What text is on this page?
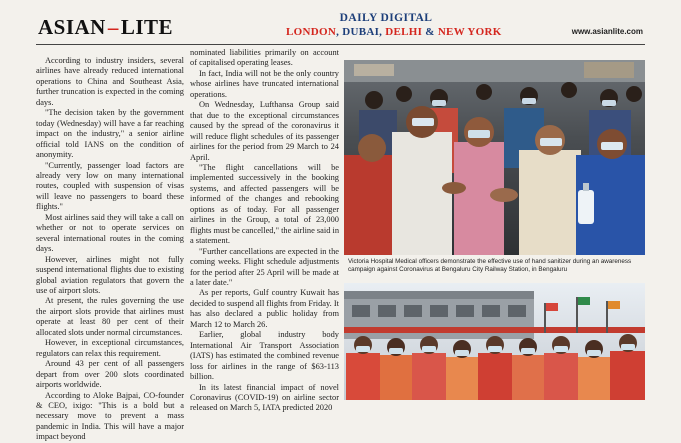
ASIAN–LITE	DAILY DIGITAL
LONDON, DUBAI, DELHI & NEW YORK	www.asianlite.com

According to industry insiders, several airlines have already reduced international operations to China and Southeast Asia, further truncation is expected in the coming days.

"The decision taken by the government today (Wednesday) will have a far reaching impact on the industry," a senior airline official told IANS on the condition of anonymity.

"Currently, passenger load factors are already very low on many international routes, coupled with suspension of visas will leave no passengers to board these flights."

Most airlines said they will take a call on whether or not to operate services on several international routes in the coming days.

However, airlines might not fully suspend international flights due to existing global aviation regulators that govern the use of airport slots.

At present, the rules governing the use the airport slots provide that airlines must operate at least 80 per cent of their allocated slots under normal circumstances.

However, in exceptional circumstances, regulators can relax this requirement.

Around 43 per cent of all passengers depart from over 200 slots coordinated airports worldwide.

According to Aloke Bajpai, CO-founder & CEO, ixigo: "This is a bold but a necessary move to prevent a mass pandemic in India. This will have a major impact beyond

nominated liabilities primarily on account of capitalised operating leases.

In fact, India will not be the only country whose airlines have truncated international operations.

On Wednesday, Lufthansa Group said that due to the exceptional circumstances caused by the spread of the coronavirus it will reduce flight schedules of its passenger airlines for the period from 29 March to 24 April.

"The flight cancellations will be implemented successively in the booking systems, and affected passengers will be informed of the changes and rebooking options as of today. For all passenger airlines in the Group, a total of 23,000 flights must be cancelled," the airline said in a statement.

"Further cancellations are expected in the coming weeks. Flight schedule adjustments for the period after 25 April will be made at a later date."

As per reports, Gulf country Kuwait has decided to suspend all flights from Friday. It has also declared a public holiday from March 12 to March 26.

Earlier, global industry body International Air Transport Association (IATS) has estimated the combined revenue loss for airlines in the range of $63-113 billion.

In its latest financial impact of novel Coronavirus (COVID-19) on airline sector released on March 5, IATA predicted 2020

Victoria Hospital Medical officers demonstrate the effective use of hand sanitizer during an awareness campaign against Coronavirus at Bengaluru City Railway Station, in Bengaluru
